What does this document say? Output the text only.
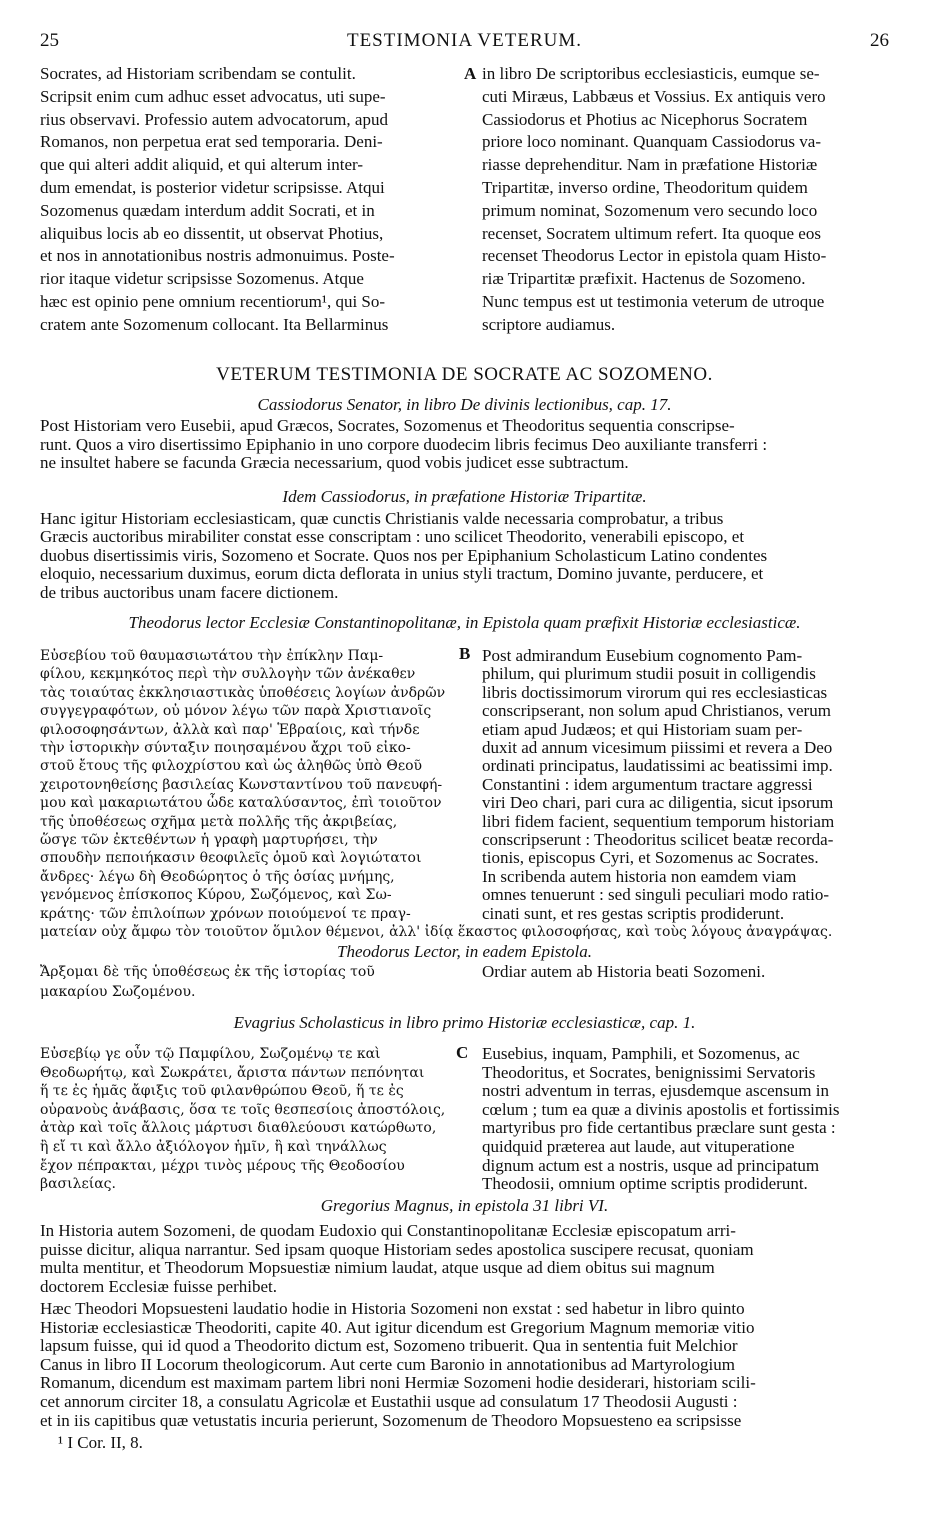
25	TESTIMONIA VETERUM.	26
Socrates, ad Historiam scribendam se contulit.
Scripsit enim cum adhuc esset advocatus, uti supe-
rius observavi. Professio autem advocatorum, apud
Romanos, non perpetua erat sed temporaria. Deni-
que qui alteri addit aliquid, et qui alterum inter-
dum emendat, is posterior videtur scripsisse. Atqui
Sozomenus quædam interdum addit Socrati, et in
aliquibus locis ab eo dissentit, ut observat Photius,
et nos in annotationibus nostris admonuimus. Poste-
rior itaque videtur scripsisse Sozomenus. Atque
hæc est opinio pene omnium recentiorum¹, qui So-
cratem ante Sozomenum collocant. Ita Bellarminus
in libro De scriptoribus ecclesiasticis, eumque se-
cuti Miræus, Labbæus et Vossius. Ex antiquis vero
Cassiodorus et Photius ac Nicephorus Socratem
priore loco nominant. Quanquam Cassiodorus va-
riasse deprehenditur. Nam in præfatione Historiæ
Tripartitæ, inverso ordine, Theodoritum quidem
primum nominat, Sozomenum vero secundo loco
recenset, Socratem ultimum refert. Ita quoque eos
recenset Theodorus Lector in epistola quam Histo-
riæ Tripartitæ præfixit. Hactenus de Sozomeno.
Nunc tempus est ut testimonia veterum de utroque
scriptore audiamus.
A
VETERUM TESTIMONIA DE SOCRATE AC SOZOMENO.
Cassiodorus Senator, in libro De divinis lectionibus, cap. 17.
Post Historiam vero Eusebii, apud Græcos, Socrates, Sozomenus et Theodoritus sequentia conscripse-
runt. Quos a viro disertissimo Epiphanio in uno corpore duodecim libris fecimus Deo auxiliante transferri :
ne insultet habere se facunda Græcia necessarium, quod vobis judicet esse subtractum.
Idem Cassiodorus, in præfatione Historiæ Tripartitæ.
Hanc igitur Historiam ecclesiasticam, quæ cunctis Christianis valde necessaria comprobatur, a tribus
Græcis auctoribus mirabiliter constat esse conscriptam : uno scilicet Theodorito, venerabili episcopo, et
duobus disertissimis viris, Sozomeno et Socrate. Quos nos per Epiphanium Scholasticum Latino condentes
eloquio, necessarium duximus, eorum dicta deflorata in unius styli tractum, Domino juvante, perducere, et
de tribus auctoribus unam facere dictionem.
Theodorus lector Ecclesiæ Constantinopolitanæ, in Epistola quam præfixit Historiæ ecclesiasticæ.
Εὐσεβίου τοῦ θαυμασιωτάτου τὴν ἐπίκλην Παμ-
φίλου, κεκμηκότος περὶ τὴν συλλογὴν τῶν ἀνέκαθεν
τὰς τοιαύτας ἐκκλησιαστικὰς ὑποθέσεις λογίων ἀνδρῶν
συγγεγραφότων, οὐ μόνον λέγω τῶν παρὰ Χριστιανοῖς
φιλοσοφησάντων, ἀλλὰ καὶ παρ' Ἑβραίοις, καὶ τήνδε
τὴν ἱστορικὴν σύνταξιν ποιησαμένου ἄχρι τοῦ εἰκο-
στοῦ ἔτους τῆς φιλοχρίστου καὶ ὡς ἀληθῶς ὑπὸ Θεοῦ
χειροτονηθείσης βασιλείας Κωνσταντίνου τοῦ πανευφή-
μου καὶ μακαριωτάτου ὧδε καταλύσαντος, ἐπὶ τοιοῦτον
τῆς ὑποθέσεως σχῆμα μετὰ πολλῆς τῆς ἀκριβείας,
ὥσγε τῶν ἐκτεθέντων ἡ γραφὴ μαρτυρήσει, τὴν
σπουδὴν πεποιήκασιν θεοφιλεῖς ὁμοῦ καὶ λογιώτατοι
ἄνδρες· λέγω δὴ Θεοδώρητος ὁ τῆς ὁσίας μνήμης,
γενόμενος ἐπίσκοπος Κύρου, Σωζόμενος, καὶ Σω-
κράτης· τῶν ἐπιλοίπων χρόνων ποιούμενοί τε πραγ-
ματείαν οὐχ ἄμφω τὸν τοιοῦτον ὅμιλον θέμενοι, ἀλλ' ἰδίᾳ ἕκαστος φιλοσοφήσας, καὶ τοὺς λόγους ἀναγράψας.
Post admirandum Eusebium cognomento Pam-
philum, qui plurimum studii posuit in colligendis
libris doctissimorum virorum qui res ecclesiasticas
conscripserant, non solum apud Christianos, verum
etiam apud Judæos; et qui Historiam suam per-
duxit ad annum vicesimum piissimi et revera a Deo
ordinati principatus, laudatissimi ac beatissimi imp.
Constantini : idem argumentum tractare aggressi
viri Deo chari, pari cura ac diligentia, sicut ipsorum
libri fidem facient, sequentium temporum historiam
conscripserunt : Theodoritus scilicet beatæ recorda-
tionis, episcopus Cyri, et Sozomenus ac Socrates.
In scribenda autem historia non eamdem viam
omnes tenuerunt : sed singuli peculiari modo ratio-
cinati sunt, et res gestas scriptis prodiderunt.
B
Theodorus Lector, in eadem Epistola.
Ἄρξομαι δὲ τῆς ὑποθέσεως ἐκ τῆς ἱστορίας τοῦ
μακαρίου Σωζομένου.
Ordiar autem ab Historia beati Sozomeni.
Evagrius Scholasticus in libro primo Historiæ ecclesiasticæ, cap. 1.
Εὐσεβίῳ γε οὖν τῷ Παμφίλου, Σωζομένῳ τε καὶ
Θεοδωρήτῳ, καὶ Σωκράτει, ἄριστα πάντων πεπόνηται
ἥ τε ἐς ἡμᾶς ἄφιξις τοῦ φιλανθρώπου Θεοῦ, ἥ τε ἐς
οὐρανοὺς ἀνάβασις, ὅσα τε τοῖς θεσπεσίοις ἀποστόλοις,
ἀτὰρ καὶ τοῖς ἄλλοις μάρτυσι διαθλεύουσι κατώρθωτο,
ἢ εἴ τι καὶ ἄλλο ἀξιόλογον ἡμῖν, ἢ καὶ τηνάλλως
ἔχον πέπρακται, μέχρι τινὸς μέρους τῆς Θεοδοσίου
βασιλείας.
Eusebius, inquam, Pamphili, et Sozomenus, ac
Theodoritus, et Socrates, benignissimi Servatoris
nostri adventum in terras, ejusdemque ascensum in
cœlum ; tum ea quæ a divinis apostolis et fortissimis
martyribus pro fide certantibus præclare sunt gesta :
quidquid præterea aut laude, aut vituperatione
dignum actum est a nostris, usque ad principatum
Theodosii, omnium optime scriptis prodiderunt.
C
Gregorius Magnus, in epistola 31 libri VI.
In Historia autem Sozomeni, de quodam Eudoxio qui Constantinopolitanæ Ecclesiæ episcopatum arri-
puisse dicitur, aliqua narrantur. Sed ipsam quoque Historiam sedes apostolica suscipere recusat, quoniam
multa mentitur, et Theodorum Mopsuestiæ nimium laudat, atque usque ad diem obitus sui magnum
doctorem Ecclesiæ fuisse perhibet.
Hæc Theodori Mopsuesteni laudatio hodie in Historia Sozomeni non exstat : sed habetur in libro quinto
Historiæ ecclesiasticæ Theodoriti, capite 40. Aut igitur dicendum est Gregorium Magnum memoriæ vitio
lapsum fuisse, qui id quod a Theodorito dictum est, Sozomeno tribuerit. Qua in sententia fuit Melchior
Canus in libro II Locorum theologicorum. Aut certe cum Baronio in annotationibus ad Martyrologium
Romanum, dicendum est maximam partem libri noni Hermiæ Sozomeni hodie desiderari, historiam scili-
cet annorum circiter 18, a consulatu Agricolæ et Eustathii usque ad consulatum 17 Theodosii Augusti :
et in iis capitibus quæ vetustatis incuria perierunt, Sozomenum de Theodoro Mopsuesteno ea scripsisse
¹ I Cor. II, 8.
